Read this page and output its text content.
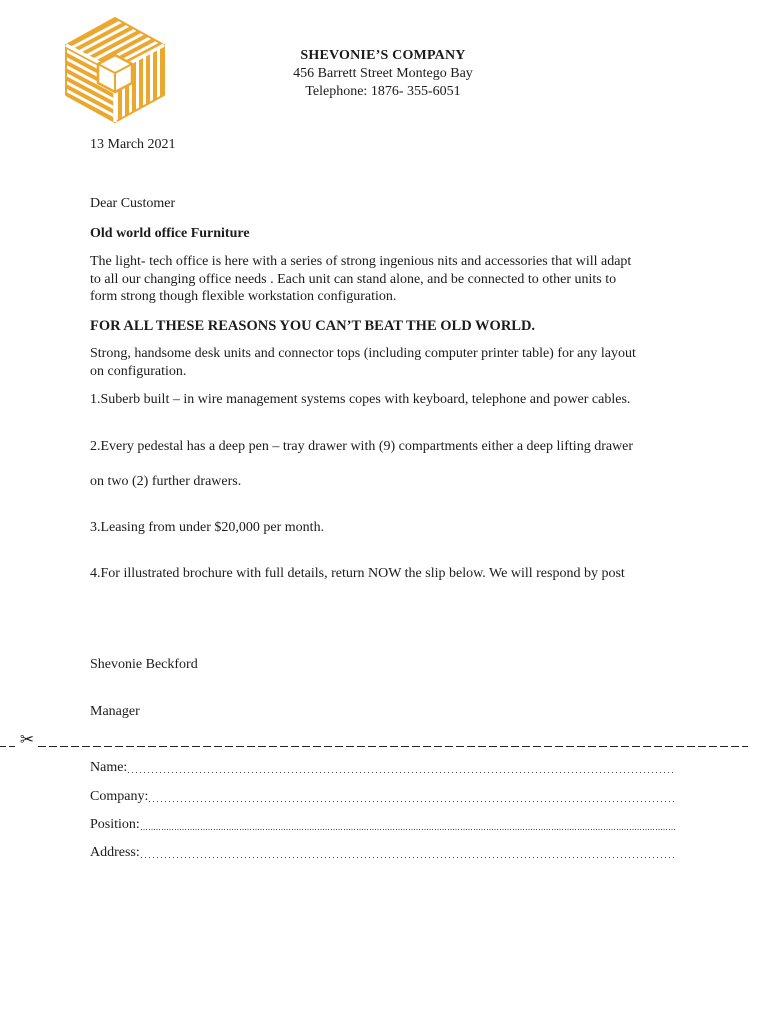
SHEVONIE’S COMPANY
456 Barrett Street Montego Bay
Telephone: 1876- 355-6051
13 March 2021
Dear Customer
Old world office Furniture
The light- tech office is here with a series of strong ingenious nits and accessories that will adapt
to all our changing office needs . Each unit can stand alone, and be connected to other units to
form strong though flexible workstation configuration.
FOR ALL THESE REASONS YOU CAN’T BEAT THE OLD WORLD.
Strong, handsome desk units and connector tops (including computer printer table) for any layout
on configuration.
1.Suberb built – in wire management systems copes with keyboard, telephone and power cables.
2.Every pedestal has a deep pen – tray drawer with (9) compartments either a deep lifting drawer
on two (2) further drawers.
3.Leasing from under $20,000 per month.
4.For illustrated brochure with full details, return NOW the slip below. We will respond by post
Shevonie Beckford
Manager
✂
Name:
Company:
Position:
Address:
